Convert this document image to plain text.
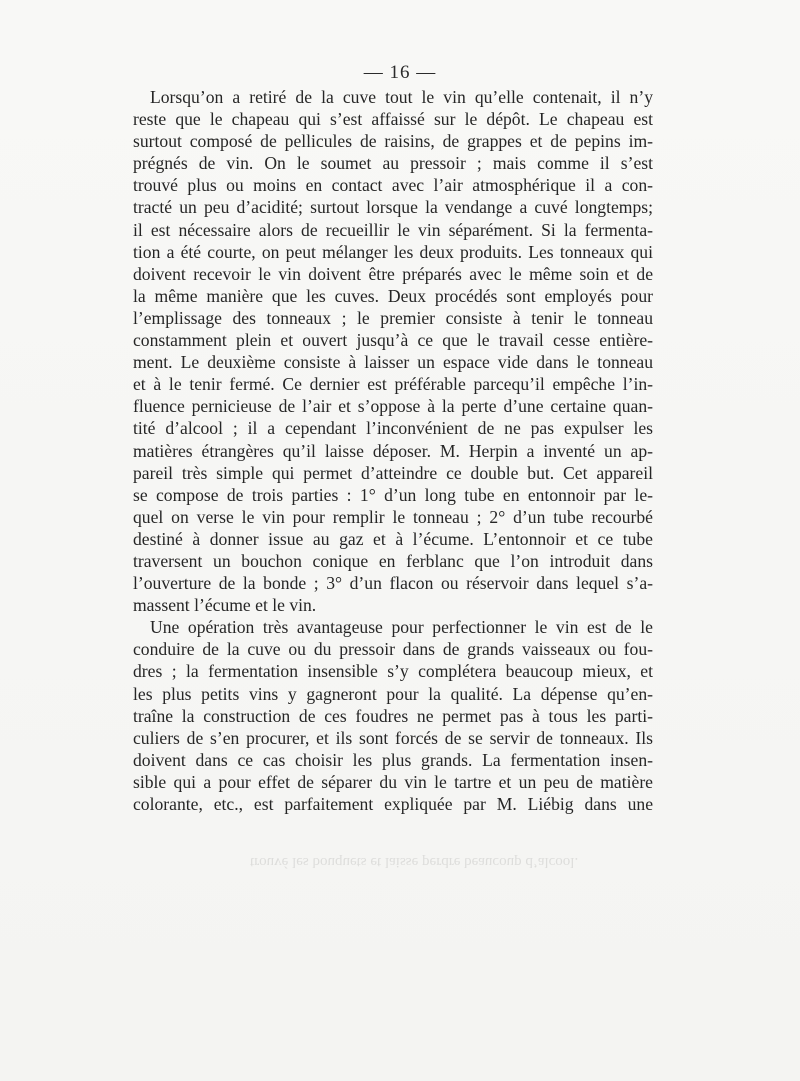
— 16 —
Lorsqu’on a retiré de la cuve tout le vin qu’elle contenait, il n’y
reste que le chapeau qui s’est affaissé sur le dépôt. Le chapeau est
surtout composé de pellicules de raisins, de grappes et de pepins im-
prégnés de vin. On le soumet au pressoir ; mais comme il s’est
trouvé plus ou moins en contact avec l’air atmosphérique il a con-
tracté un peu d’acidité; surtout lorsque la vendange a cuvé longtemps;
il est nécessaire alors de recueillir le vin séparément. Si la fermenta-
tion a été courte, on peut mélanger les deux produits. Les tonneaux qui
doivent recevoir le vin doivent être préparés avec le même soin et de
la même manière que les cuves. Deux procédés sont employés pour
l’emplissage des tonneaux ; le premier consiste à tenir le tonneau
constamment plein et ouvert jusqu’à ce que le travail cesse entière-
ment. Le deuxième consiste à laisser un espace vide dans le tonneau
et à le tenir fermé. Ce dernier est préférable parcequ’il empêche l’in-
fluence pernicieuse de l’air et s’oppose à la perte d’une certaine quan-
tité d’alcool ; il a cependant l’inconvénient de ne pas expulser les
matières étrangères qu’il laisse déposer. M. Herpin a inventé un ap-
pareil très simple qui permet d’atteindre ce double but. Cet appareil
se compose de trois parties : 1° d’un long tube en entonnoir par le-
quel on verse le vin pour remplir le tonneau ; 2° d’un tube recourbé
destiné à donner issue au gaz et à l’écume. L’entonnoir et ce tube
traversent un bouchon conique en ferblanc que l’on introduit dans
l’ouverture de la bonde ; 3° d’un flacon ou réservoir dans lequel s’a-
massent l’écume et le vin.
Une opération très avantageuse pour perfectionner le vin est de le
conduire de la cuve ou du pressoir dans de grands vaisseaux ou fou-
dres ; la fermentation insensible s’y complétera beaucoup mieux, et
les plus petits vins y gagneront pour la qualité. La dépense qu’en-
traîne la construction de ces foudres ne permet pas à tous les parti-
culiers de s’en procurer, et ils sont forcés de se servir de tonneaux. Ils
doivent dans ce cas choisir les plus grands. La fermentation insen-
sible qui a pour effet de séparer du vin le tartre et un peu de matière
colorante, etc., est parfaitement expliquée par M. Liébig dans une
trouvé les bouquets et laisse perdre beaucoup d’alcool.
